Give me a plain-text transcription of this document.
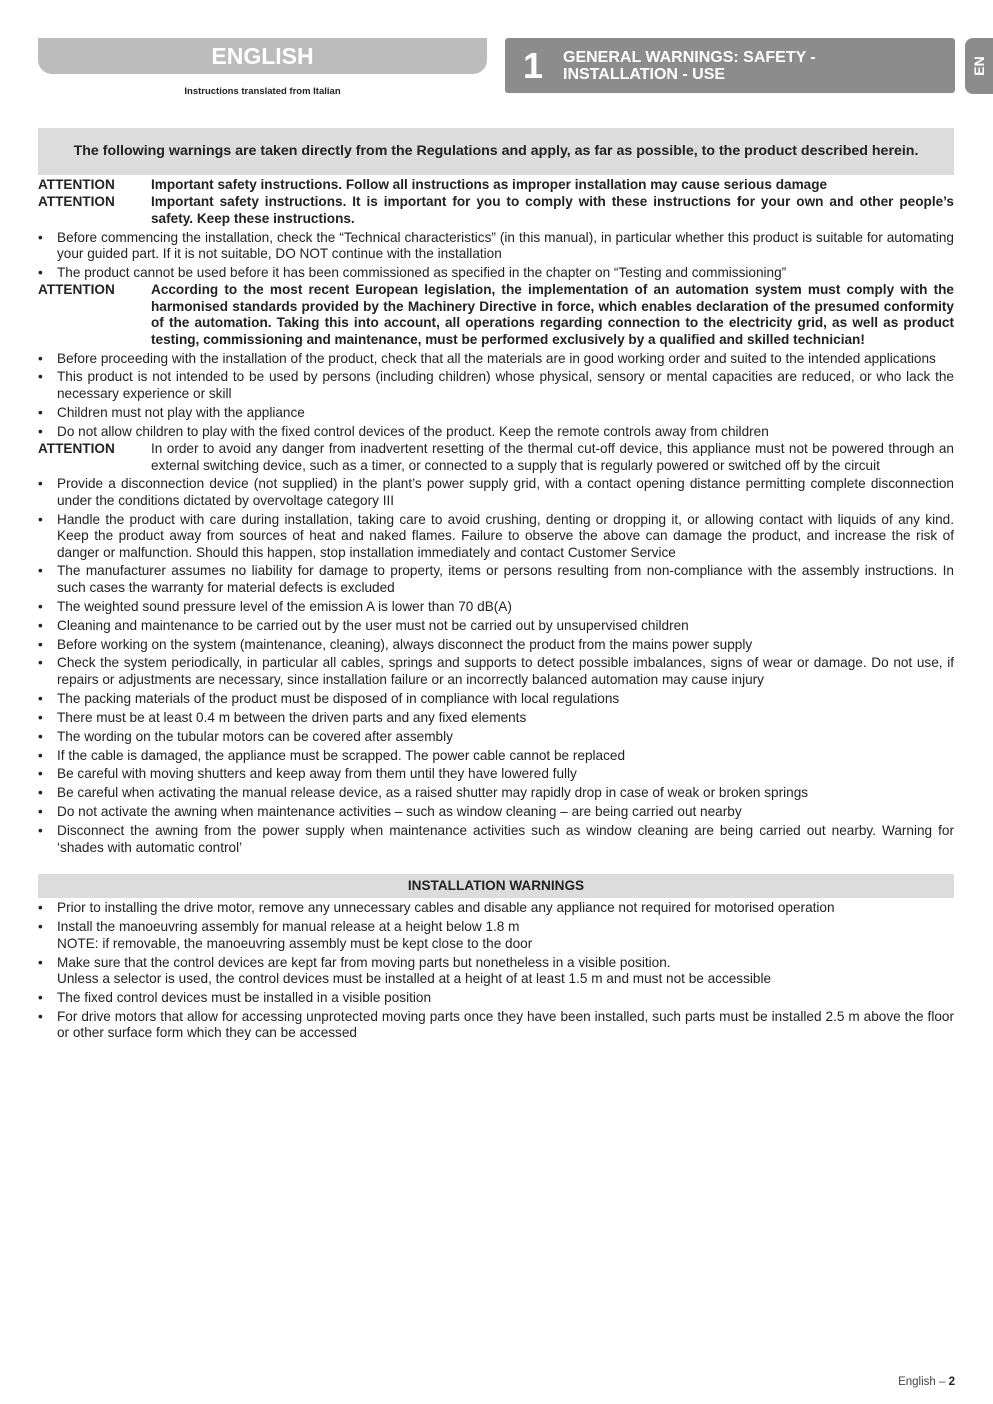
ENGLISH
Instructions translated from Italian
1 GENERAL WARNINGS: SAFETY -
INSTALLATION - USE	EN
The following warnings are taken directly from the Regulations and apply, as far as possible, to the product described herein.
ATTENTION	Important safety instructions. Follow all instructions as improper installation may cause serious damage
ATTENTION	Important safety instructions. It is important for you to comply with these instructions for your own and other people’s safety. Keep these instructions.
• Before commencing the installation, check the “Technical characteristics” (in this manual), in particular whether this product is suitable for automating your guided part. If it is not suitable, DO NOT continue with the installation
• The product cannot be used before it has been commissioned as specified in the chapter on “Testing and commissioning”
ATTENTION	According to the most recent European legislation, the implementation of an automation system must comply with the harmonised standards provided by the Machinery Directive in force, which enables declaration of the presumed conformity of the automation. Taking this into account, all operations regarding connection to the electricity grid, as well as product testing, commissioning and maintenance, must be performed exclusively by a qualified and skilled technician!
• Before proceeding with the installation of the product, check that all the materials are in good working order and suited to the intended applications
• This product is not intended to be used by persons (including children) whose physical, sensory or mental capacities are reduced, or who lack the necessary experience or skill
• Children must not play with the appliance
• Do not allow children to play with the fixed control devices of the product. Keep the remote controls away from children
ATTENTION	In order to avoid any danger from inadvertent resetting of the thermal cut-off device, this appliance must not be powered through an external switching device, such as a timer, or connected to a supply that is regularly powered or switched off by the circuit
• Provide a disconnection device (not supplied) in the plant’s power supply grid, with a contact opening distance permitting complete disconnection under the conditions dictated by overvoltage category III
• Handle the product with care during installation, taking care to avoid crushing, denting or dropping it, or allowing contact with liquids of any kind. Keep the product away from sources of heat and naked flames. Failure to observe the above can damage the product, and increase the risk of danger or malfunction. Should this happen, stop installation immediately and contact Customer Service
• The manufacturer assumes no liability for damage to property, items or persons resulting from non-compliance with the assembly instructions. In such cases the warranty for material defects is excluded
• The weighted sound pressure level of the emission A is lower than 70 dB(A)
• Cleaning and maintenance to be carried out by the user must not be carried out by unsupervised children
• Before working on the system (maintenance, cleaning), always disconnect the product from the mains power supply
• Check the system periodically, in particular all cables, springs and supports to detect possible imbalances, signs of wear or damage. Do not use, if repairs or adjustments are necessary, since installation failure or an incorrectly balanced automation may cause injury
• The packing materials of the product must be disposed of in compliance with local regulations
• There must be at least 0.4 m between the driven parts and any fixed elements
• The wording on the tubular motors can be covered after assembly
• If the cable is damaged, the appliance must be scrapped. The power cable cannot be replaced
• Be careful with moving shutters and keep away from them until they have lowered fully
• Be careful when activating the manual release device, as a raised shutter may rapidly drop in case of weak or broken springs
• Do not activate the awning when maintenance activities – such as window cleaning – are being carried out nearby
• Disconnect the awning from the power supply when maintenance activities such as window cleaning are being carried out nearby. Warning for ‘shades with automatic control’
INSTALLATION WARNINGS
• Prior to installing the drive motor, remove any unnecessary cables and disable any appliance not required for motorised operation
• Install the manoeuvring assembly for manual release at a height below 1.8 m
NOTE: if removable, the manoeuvring assembly must be kept close to the door
• Make sure that the control devices are kept far from moving parts but nonetheless in a visible position.
Unless a selector is used, the control devices must be installed at a height of at least 1.5 m and must not be accessible
• The fixed control devices must be installed in a visible position
• For drive motors that allow for accessing unprotected moving parts once they have been installed, such parts must be installed 2.5 m above the floor or other surface form which they can be accessed
English – 2
